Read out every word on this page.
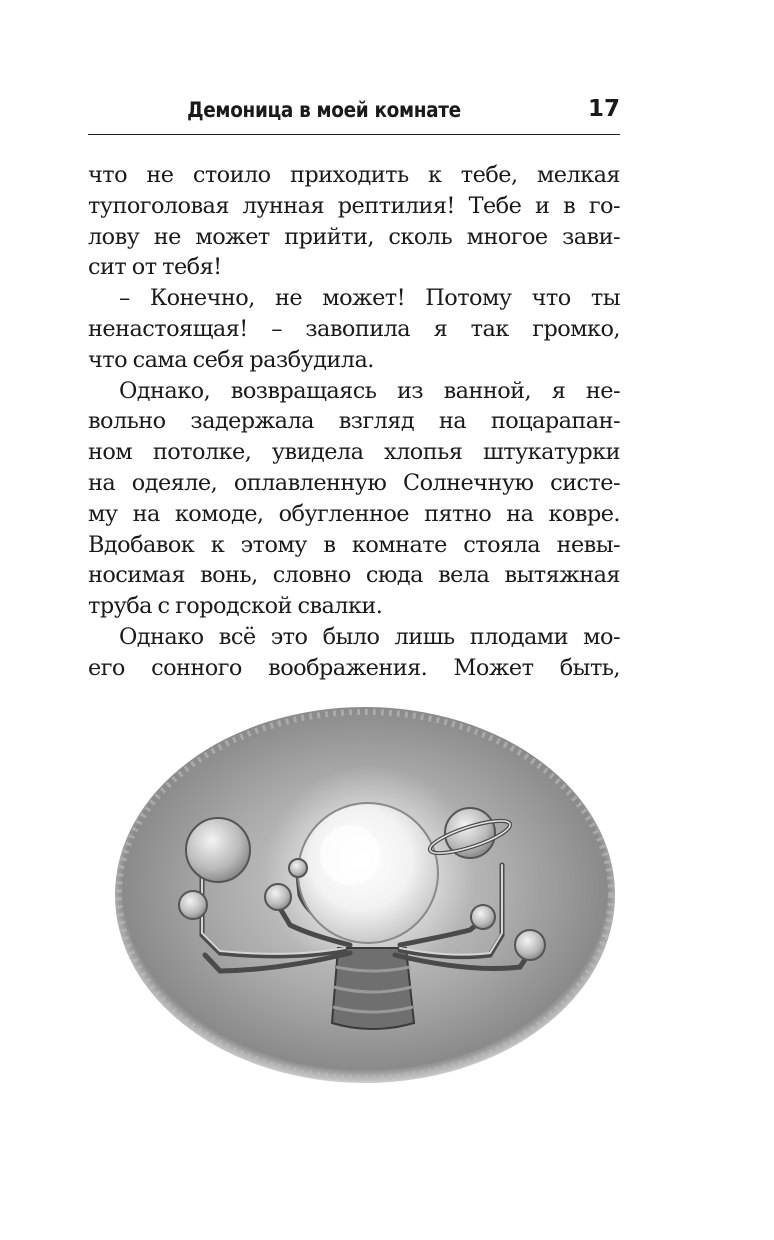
Демоница в моей комнате	17
что не стоило приходить к тебе, мелкая
тупоголовая лунная рептилия! Тебе и в го-
лову не может прийти, сколь многое зави-
сит от тебя!
– Конечно, не может! Потому что ты
ненастоящая! – завопила я так громко,
что сама себя разбудила.
Однако, возвращаясь из ванной, я не-
вольно задержала взгляд на поцарапан-
ном потолке, увидела хлопья штукатурки
на одеяле, оплавленную Солнечную систе-
му на комоде, обугленное пятно на ковре.
Вдобавок к этому в комнате стояла невы-
носимая вонь, словно сюда вела вытяжная
труба с городской свалки.
Однако всё это было лишь плодами мо-
его сонного воображения. Может быть,
